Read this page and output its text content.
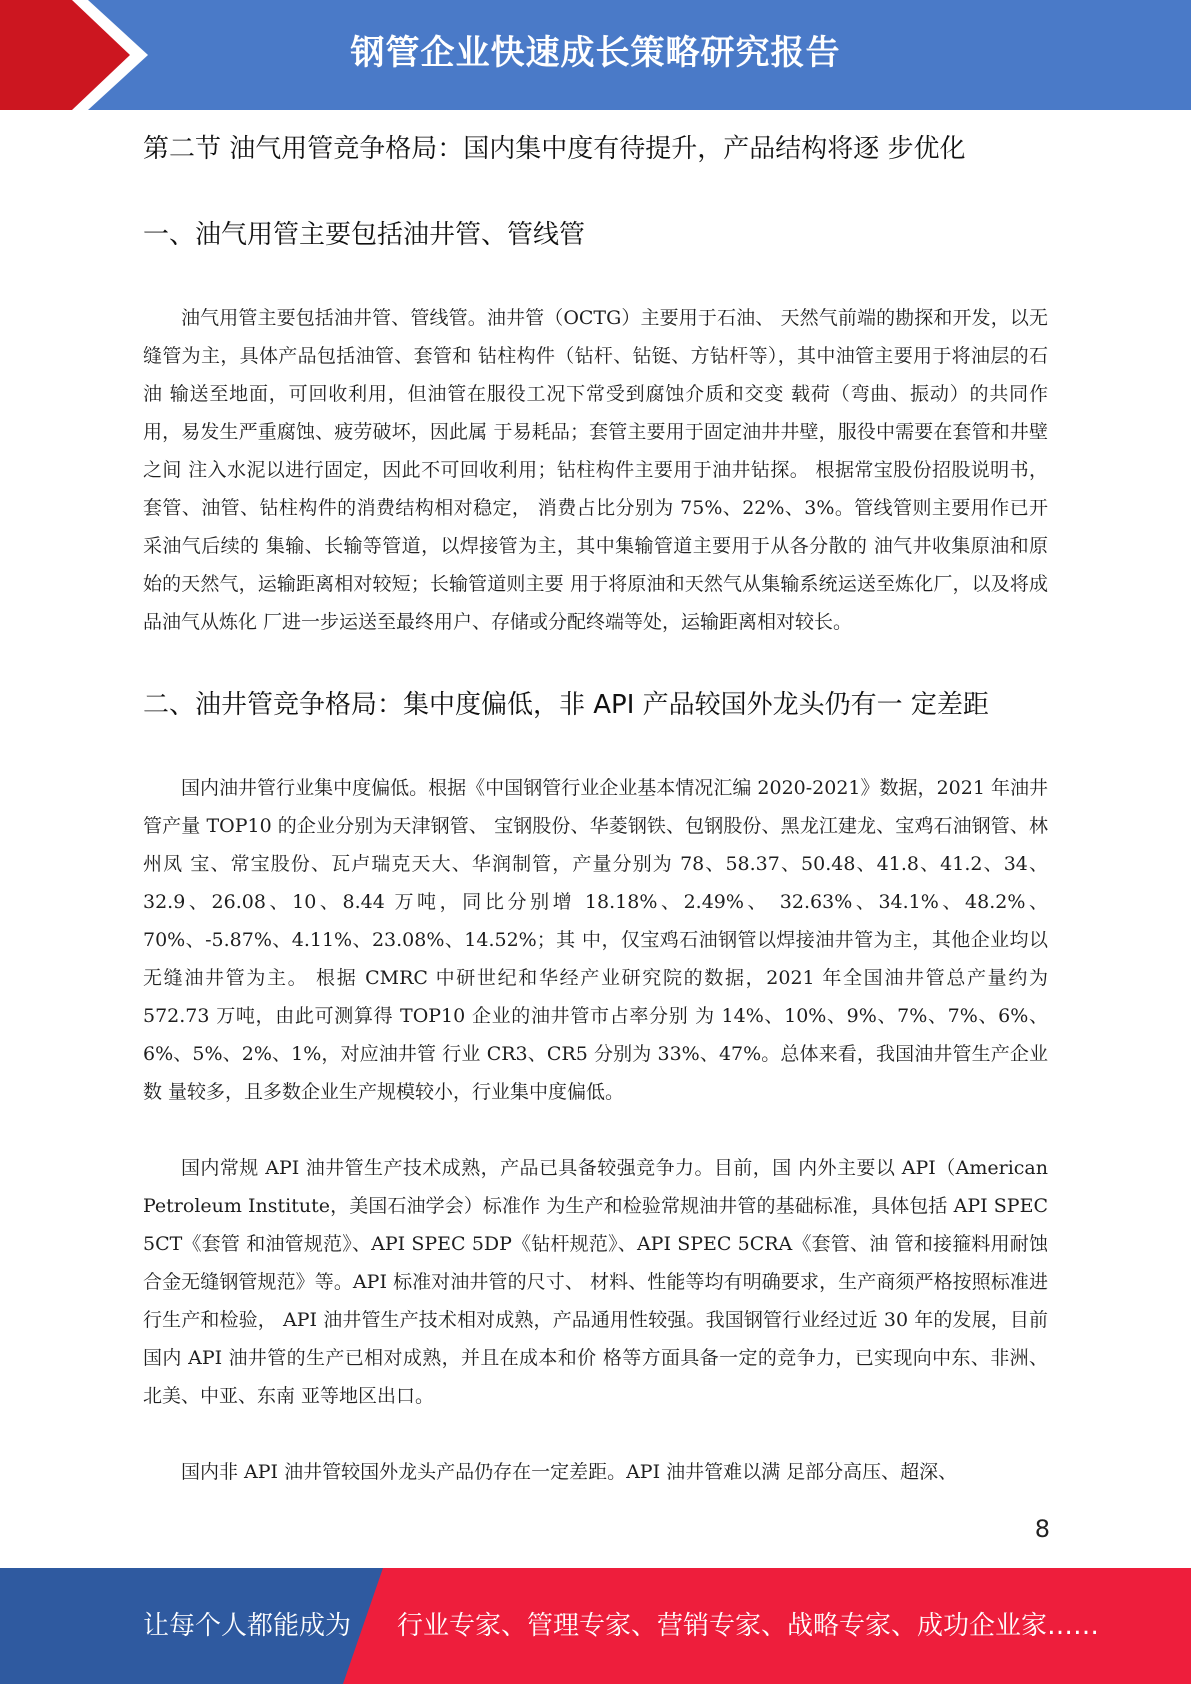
钢管企业快速成长策略研究报告
第二节 油气用管竞争格局：国内集中度有待提升，产品结构将逐 步优化
一、油气用管主要包括油井管、管线管

油气用管主要包括油井管、管线管。油井管（OCTG）主要用于石油、 天然气前端的勘探和开发，以无缝管为主，具体产品包括油管、套管和 钻柱构件（钻杆、钻铤、方钻杆等），其中油管主要用于将油层的石油 输送至地面，可回收利用，但油管在服役工况下常受到腐蚀介质和交变 载荷（弯曲、振动）的共同作用，易发生严重腐蚀、疲劳破坏，因此属 于易耗品；套管主要用于固定油井井壁，服役中需要在套管和井壁之间 注入水泥以进行固定，因此不可回收利用；钻柱构件主要用于油井钻探。 根据常宝股份招股说明书，套管、油管、钻柱构件的消费结构相对稳定， 消费占比分别为 75%、22%、3%。管线管则主要用作已开采油气后续的 集输、长输等管道，以焊接管为主，其中集输管道主要用于从各分散的 油气井收集原油和原始的天然气，运输距离相对较短；长输管道则主要 用于将原油和天然气从集输系统运送至炼化厂，以及将成品油气从炼化 厂进一步运送至最终用户、存储或分配终端等处，运输距离相对较长。

二、油井管竞争格局：集中度偏低，非 API 产品较国外龙头仍有一 定差距

国内油井管行业集中度偏低。根据《中国钢管行业企业基本情况汇编 2020-2021》数据，2021 年油井管产量 TOP10 的企业分别为天津钢管、 宝钢股份、华菱钢铁、包钢股份、黑龙江建龙、宝鸡石油钢管、林州凤 宝、常宝股份、瓦卢瑞克天大、华润制管，产量分别为 78、58.37、50.48、41.8、41.2、34、32.9、26.08、10、8.44 万吨，同比分别增 18.18%、2.49%、 32.63%、34.1%、48.2%、70%、-5.87%、4.11%、23.08%、14.52%；其 中，仅宝鸡石油钢管以焊接油井管为主，其他企业均以无缝油井管为主。 根据 CMRC 中研世纪和华经产业研究院的数据，2021 年全国油井管总产量约为 572.73 万吨，由此可测算得 TOP10 企业的油井管市占率分别 为 14%、10%、9%、7%、7%、6%、6%、5%、2%、1%，对应油井管 行业 CR3、CR5 分别为 33%、47%。总体来看，我国油井管生产企业数 量较多，且多数企业生产规模较小，行业集中度偏低。

国内常规 API 油井管生产技术成熟，产品已具备较强竞争力。目前，国 内外主要以 API（American Petroleum Institute，美国石油学会）标准作 为生产和检验常规油井管的基础标准，具体包括 API SPEC 5CT《套管 和油管规范》、API SPEC 5DP《钻杆规范》、API SPEC 5CRA《套管、油 管和接箍料用耐蚀合金无缝钢管规范》等。API 标准对油井管的尺寸、 材料、性能等均有明确要求，生产商须严格按照标准进行生产和检验， API 油井管生产技术相对成熟，产品通用性较强。我国钢管行业经过近 30 年的发展，目前国内 API 油井管的生产已相对成熟，并且在成本和价 格等方面具备一定的竞争力，已实现向中东、非洲、北美、中亚、东南 亚等地区出口。

国内非 API 油井管较国外龙头产品仍存在一定差距。API 油井管难以满 足部分高压、超深、

8
让每个人都能成为 行业专家、管理专家、营销专家、战略专家、成功企业家……
